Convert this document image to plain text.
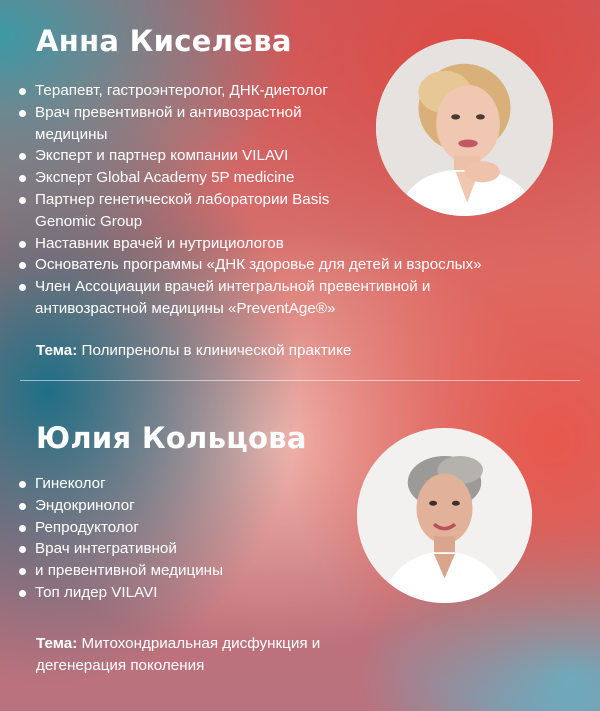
Анна Киселева
Терапевт, гастроэнтеролог, ДНК-диетолог
Врач превентивной и антивозрастной медицины
Эксперт и партнер компании VILAVI
Эксперт Global Academy 5P medicine
Партнер генетической лаборатории Basis Genomic Group
Наставник врачей и нутрициологов
Основатель программы «ДНК здоровье для детей и взрослых»
Член Ассоциации врачей интегральной превентивной и антивозрастной медицины «PreventAge®»

Тема: Полипренолы в клинической практике

Юлия Кольцова
Гинеколог
Эндокринолог
Репродуктолог
Врач интегративной
и превентивной медицины
Топ лидер VILAVI

Тема: Митохондриальная дисфункция и дегенерация поколения
